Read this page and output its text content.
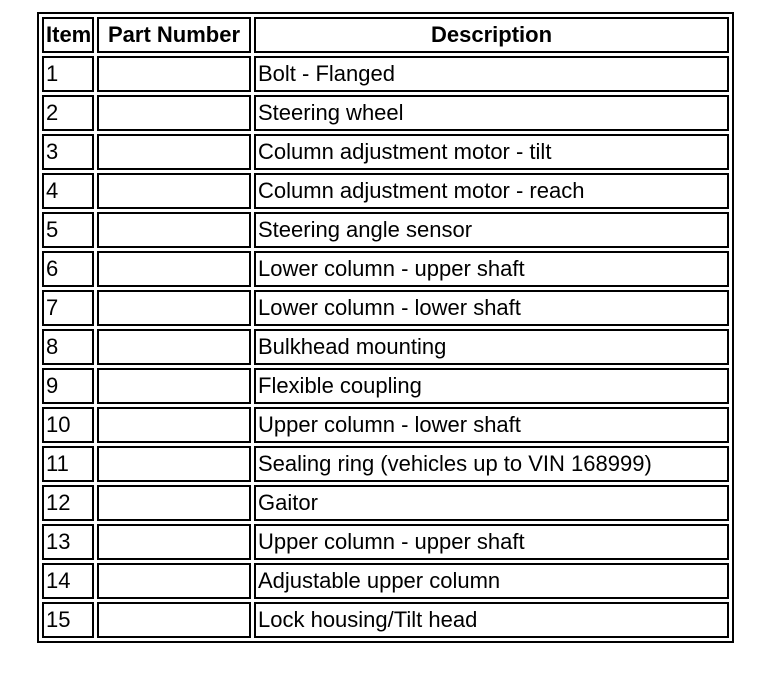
Item	Part Number	Description
1		Bolt - Flanged
2		Steering wheel
3		Column adjustment motor - tilt
4		Column adjustment motor - reach
5		Steering angle sensor
6		Lower column - upper shaft
7		Lower column - lower shaft
8		Bulkhead mounting
9		Flexible coupling
10		Upper column - lower shaft
11		Sealing ring (vehicles up to VIN 168999)
12		Gaitor
13		Upper column - upper shaft
14		Adjustable upper column
15		Lock housing/Tilt head
